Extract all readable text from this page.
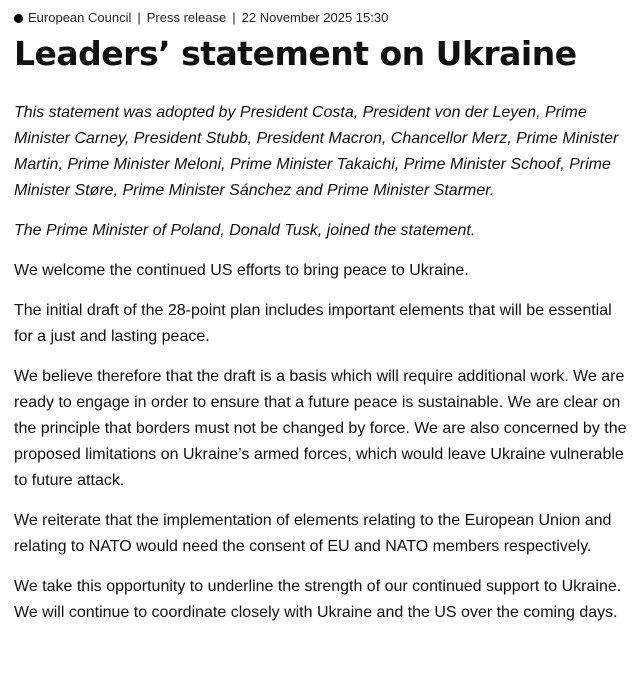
European Council | Press release | 22 November 2025 15:30
Leaders’ statement on Ukraine

This statement was adopted by President Costa, President von der Leyen, Prime Minister Carney, President Stubb, President Macron, Chancellor Merz, Prime Minister Martin, Prime Minister Meloni, Prime Minister Takaichi, Prime Minister Schoof, Prime Minister Støre, Prime Minister Sánchez and Prime Minister Starmer.

The Prime Minister of Poland, Donald Tusk, joined the statement.

We welcome the continued US efforts to bring peace to Ukraine.

The initial draft of the 28-point plan includes important elements that will be essential for a just and lasting peace.

We believe therefore that the draft is a basis which will require additional work. We are ready to engage in order to ensure that a future peace is sustainable. We are clear on the principle that borders must not be changed by force. We are also concerned by the proposed limitations on Ukraine’s armed forces, which would leave Ukraine vulnerable to future attack.

We reiterate that the implementation of elements relating to the European Union and relating to NATO would need the consent of EU and NATO members respectively.

We take this opportunity to underline the strength of our continued support to Ukraine. We will continue to coordinate closely with Ukraine and the US over the coming days.
